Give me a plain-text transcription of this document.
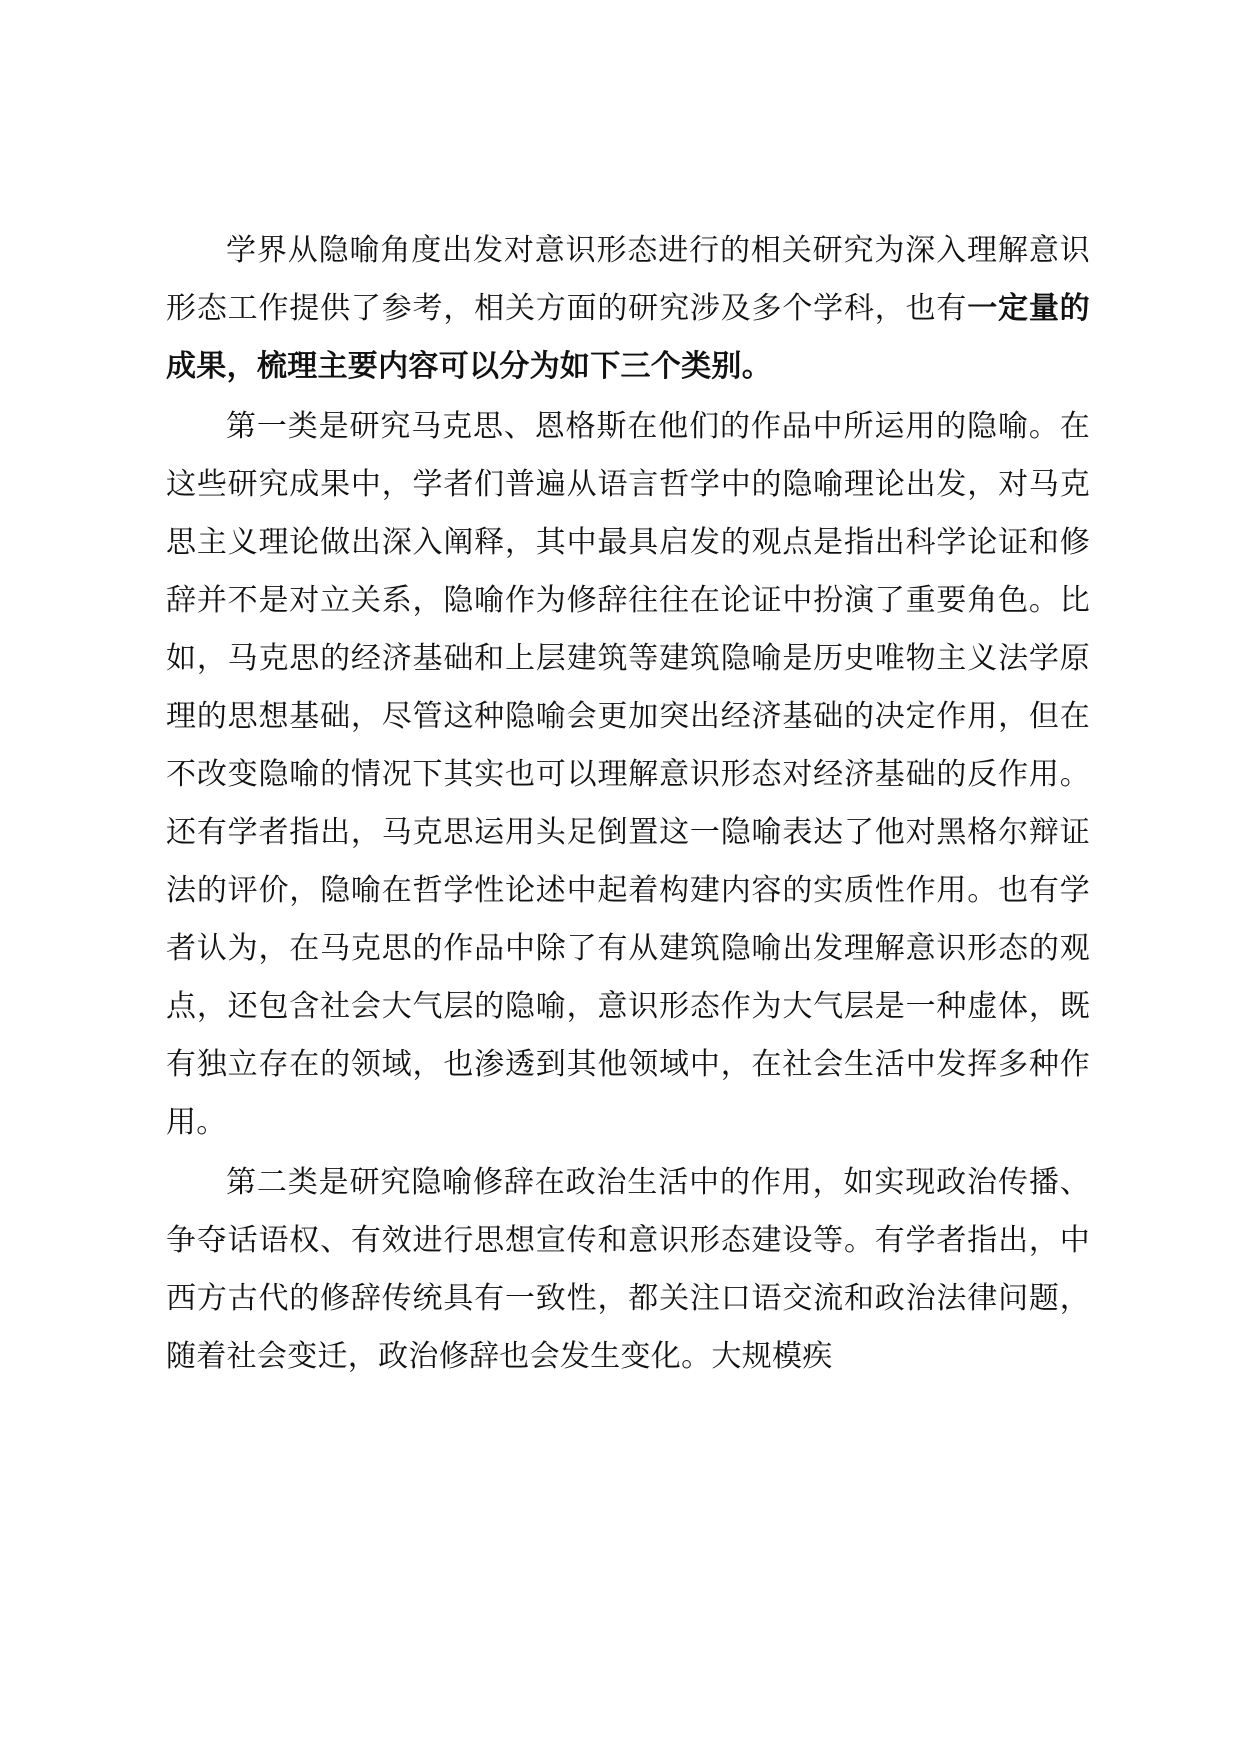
学界从隐喻角度出发对意识形态进行的相关研究为深入理解意识形态工作提供了参考，相关方面的研究涉及多个学科，也有一定量的成果，梳理主要内容可以分为如下三个类别。

第一类是研究马克思、恩格斯在他们的作品中所运用的隐喻。在这些研究成果中，学者们普遍从语言哲学中的隐喻理论出发，对马克思主义理论做出深入阐释，其中最具启发的观点是指出科学论证和修辞并不是对立关系，隐喻作为修辞往往在论证中扮演了重要角色。比如，马克思的经济基础和上层建筑等建筑隐喻是历史唯物主义法学原理的思想基础，尽管这种隐喻会更加突出经济基础的决定作用，但在不改变隐喻的情况下其实也可以理解意识形态对经济基础的反作用。还有学者指出，马克思运用头足倒置这一隐喻表达了他对黑格尔辩证法的评价，隐喻在哲学性论述中起着构建内容的实质性作用。也有学者认为，在马克思的作品中除了有从建筑隐喻出发理解意识形态的观点，还包含社会大气层的隐喻，意识形态作为大气层是一种虚体，既有独立存在的领域，也渗透到其他领域中，在社会生活中发挥多种作用。

第二类是研究隐喻修辞在政治生活中的作用，如实现政治传播、争夺话语权、有效进行思想宣传和意识形态建设等。有学者指出，中西方古代的修辞传统具有一致性，都关注口语交流和政治法律问题，随着社会变迁，政治修辞也会发生变化。大规模疾
